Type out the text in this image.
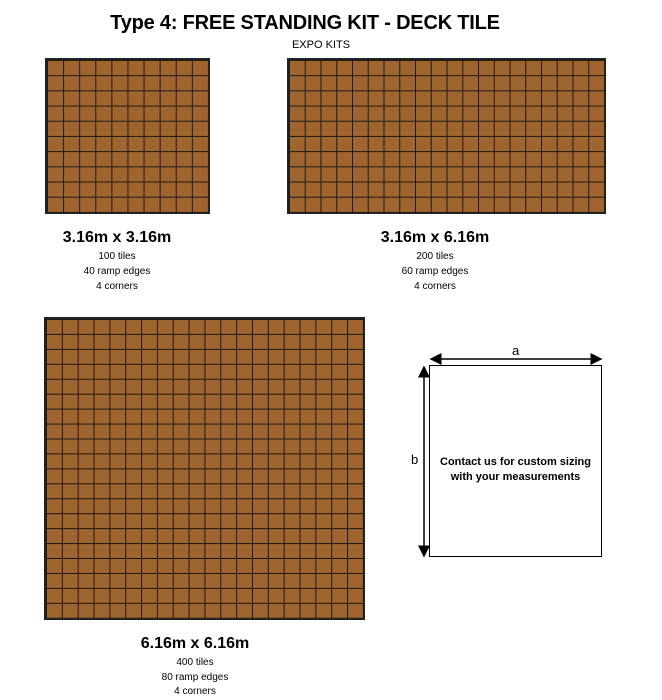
Type 4: FREE STANDING KIT - DECK TILE
EXPO KITS
3.16m x 3.16m
100 tiles
40 ramp edges
4 corners
3.16m x 6.16m
200 tiles
60 ramp edges
4 corners
6.16m x 6.16m
400 tiles
80 ramp edges
4 corners
a
b	Contact us for custom sizing
with your measurements
